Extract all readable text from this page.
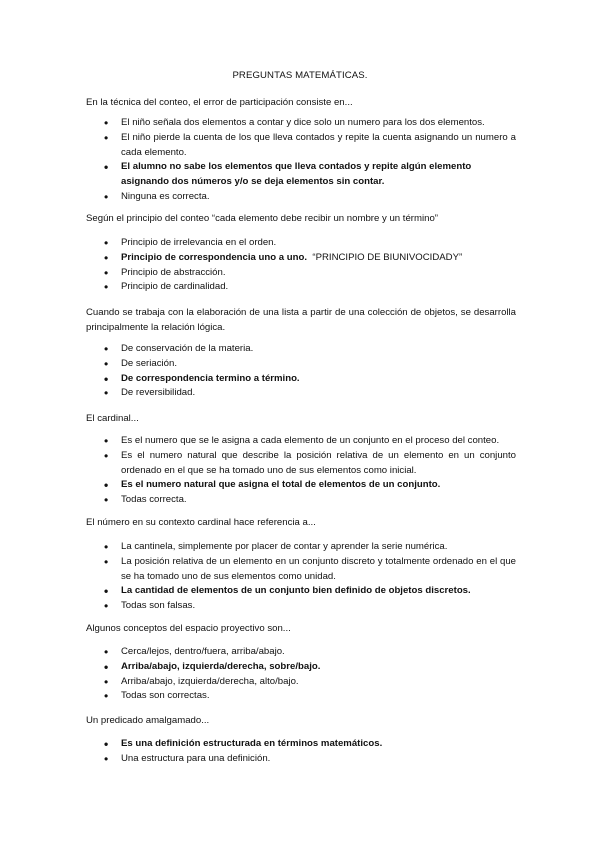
PREGUNTAS MATEMÁTICAS.
En la técnica del conteo, el error de participación consiste en...
• El niño señala dos elementos a contar y dice solo un numero para los dos elementos.
• El niño pierde la cuenta de los que lleva contados y repite la cuenta asignando un numero a cada elemento.
• El alumno no sabe los elementos que lleva contados y repite algún elemento asignando dos números y/o se deja elementos sin contar.
• Ninguna es correcta.
Según el principio del conteo “cada elemento debe recibir un nombre y un término”
• Principio de irrelevancia en el orden.
• Principio de correspondencia uno a uno. “PRINCIPIO DE BIUNIVOCIDADY”
• Principio de abstracción.
• Principio de cardinalidad.
Cuando se trabaja con la elaboración de una lista a partir de una colección de objetos, se desarrolla principalmente la relación lógica.
• De conservación de la materia.
• De seriación.
• De correspondencia termino a término.
• De reversibilidad.
El cardinal...
• Es el numero que se le asigna a cada elemento de un conjunto en el proceso del conteo.
• Es el numero natural que describe la posición relativa de un elemento en un conjunto ordenado en el que se ha tomado uno de sus elementos como inicial.
• Es el numero natural que asigna el total de elementos de un conjunto.
• Todas correcta.
El número en su contexto cardinal hace referencia a...
• La cantinela, simplemente por placer de contar y aprender la serie numérica.
• La posición relativa de un elemento en un conjunto discreto y totalmente ordenado en el que se ha tomado uno de sus elementos como unidad.
• La cantidad de elementos de un conjunto bien definido de objetos discretos.
• Todas son falsas.
Algunos conceptos del espacio proyectivo son...
• Cerca/lejos, dentro/fuera, arriba/abajo.
• Arriba/abajo, izquierda/derecha, sobre/bajo.
• Arriba/abajo, izquierda/derecha, alto/bajo.
• Todas son correctas.
Un predicado amalgamado...
• Es una definición estructurada en términos matemáticos.
• Una estructura para una definición.
